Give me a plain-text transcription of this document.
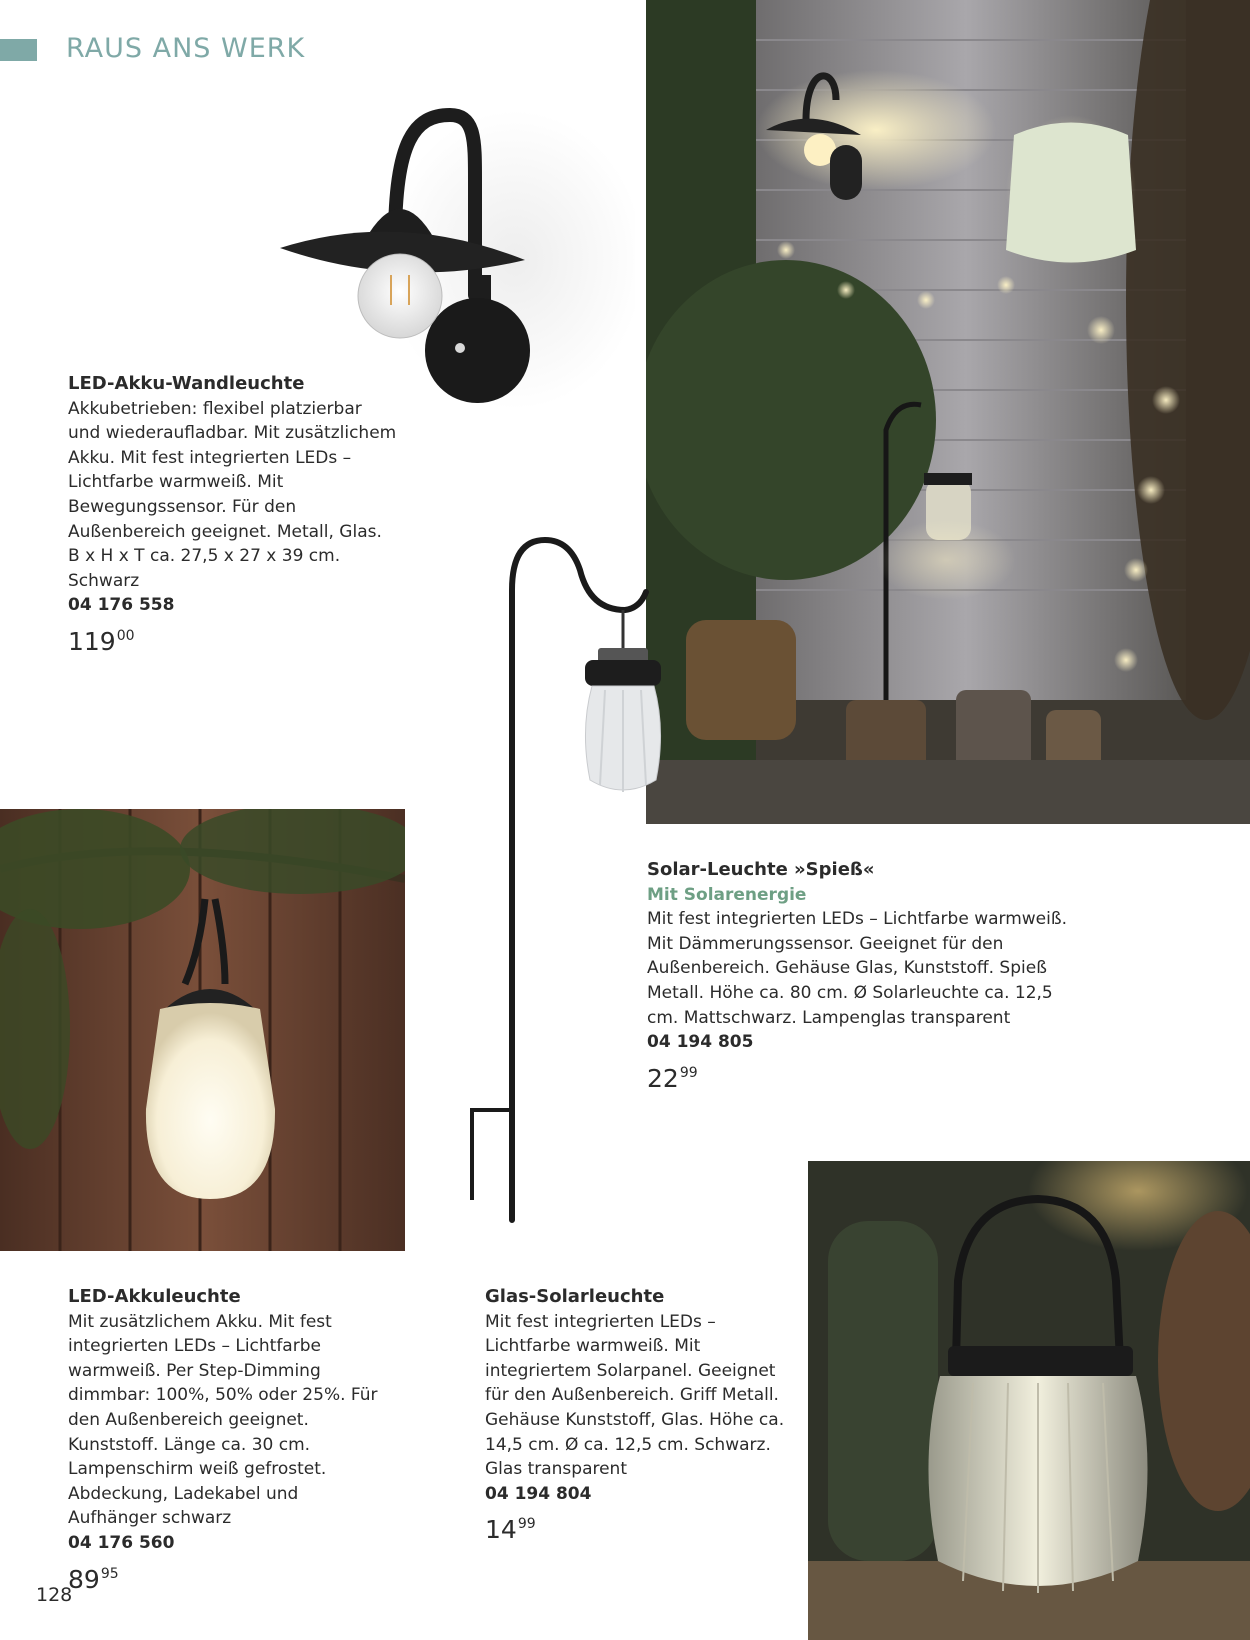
RAUS ANS WERK
LED-Akku-Wandleuchte
Akkubetrieben: flexibel platzierbar und wiederaufladbar. Mit zusätzlichem Akku. Mit fest integrierten LEDs – Lichtfarbe warmweiß. Mit Bewegungssensor. Für den Außenbereich geeignet. Metall, Glas. B x H x T ca. 27,5 x 27 x 39 cm. Schwarz
04 176 558
$119^{00}$
Solar-Leuchte »Spieß«
Mit Solarenergie
Mit fest integrierten LEDs – Lichtfarbe warmweiß. Mit Dämmerungssensor. Geeignet für den Außenbereich. Gehäuse Glas, Kunststoff. Spieß Metall. Höhe ca. 80 cm. Ø Solarleuchte ca. 12,5 cm. Mattschwarz. Lampenglas transparent
04 194 805
$22^{99}$
LED-Akkuleuchte
Mit zusätzlichem Akku. Mit fest integrierten LEDs – Lichtfarbe warmweiß. Per Step-Dimming dimmbar: 100%, 50% oder 25%. Für den Außenbereich geeignet. Kunststoff. Länge ca. 30 cm. Lampenschirm weiß gefrostet. Abdeckung, Ladekabel und Aufhänger schwarz
04 176 560
$89^{95}$
Glas-Solarleuchte
Mit fest integrierten LEDs – Lichtfarbe warmweiß. Mit integriertem Solarpanel. Geeignet für den Außenbereich. Griff Metall. Gehäuse Kunststoff, Glas. Höhe ca. 14,5 cm. Ø ca. 12,5 cm. Schwarz. Glas transparent
04 194 804
$14^{99}$
128
